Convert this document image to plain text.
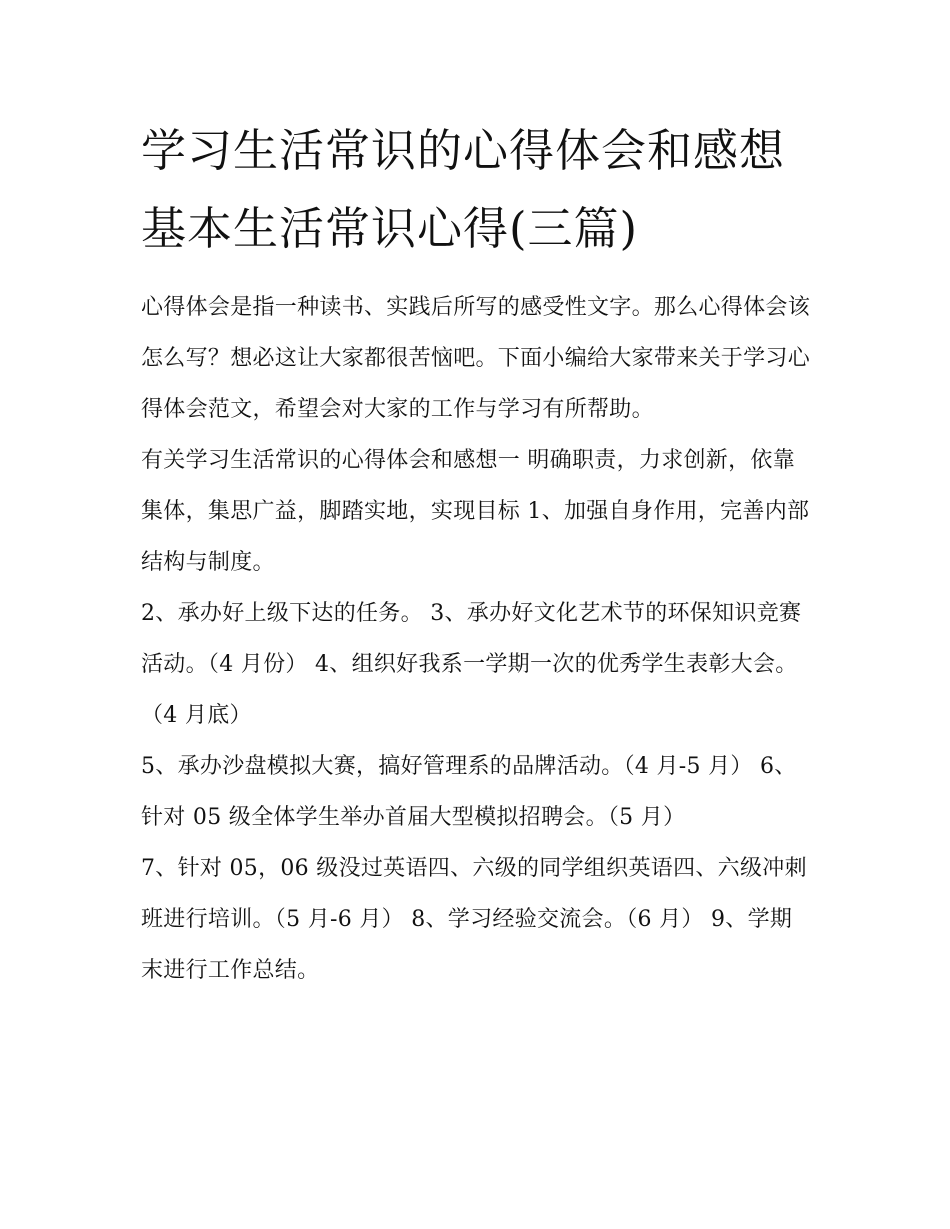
学习生活常识的心得体会和感想 基本生活常识心得(三篇)

心得体会是指一种读书、实践后所写的感受性文字。那么心得体会该怎么写？想必这让大家都很苦恼吧。下面小编给大家带来关于学习心得体会范文，希望会对大家的工作与学习有所帮助。

有关学习生活常识的心得体会和感想一 明确职责，力求创新，依靠集体，集思广益，脚踏实地，实现目标 1、加强自身作用，完善内部结构与制度。

2、承办好上级下达的任务。 3、承办好文化艺术节的环保知识竞赛活动。（4 月份） 4、组织好我系一学期一次的优秀学生表彰大会。（4 月底）

5、承办沙盘模拟大赛，搞好管理系的品牌活动。（4 月-5 月） 6、针对 05 级全体学生举办首届大型模拟招聘会。（5 月）

7、针对 05，06 级没过英语四、六级的同学组织英语四、六级冲刺班进行培训。（5 月-6 月） 8、学习经验交流会。（6 月） 9、学期末进行工作总结。
